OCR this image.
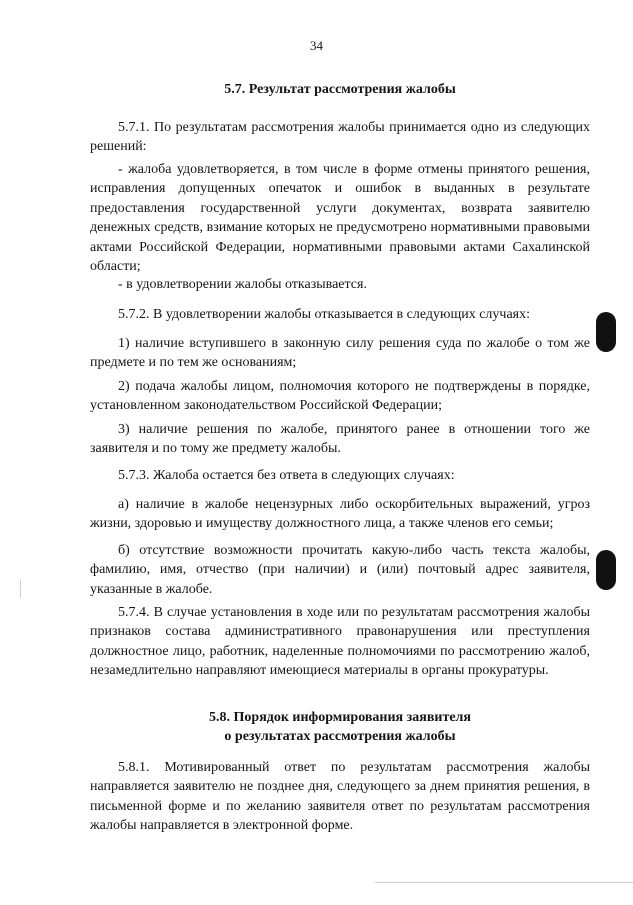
34
5.7. Результат рассмотрения жалобы
5.7.1. По результатам рассмотрения жалобы принимается одно из следующих решений:
- жалоба удовлетворяется, в том числе в форме отмены принятого решения, исправления допущенных опечаток и ошибок в выданных в результате предоставления государственной услуги документах, возврата заявителю денежных средств, взимание которых не предусмотрено нормативными правовыми актами Российской Федерации, нормативными правовыми актами Сахалинской области;
- в удовлетворении жалобы отказывается.
5.7.2. В удовлетворении жалобы отказывается в следующих случаях:
1) наличие вступившего в законную силу решения суда по жалобе о том же предмете и по тем же основаниям;
2) подача жалобы лицом, полномочия которого не подтверждены в порядке, установленном законодательством Российской Федерации;
3) наличие решения по жалобе, принятого ранее в отношении того же заявителя и по тому же предмету жалобы.
5.7.3. Жалоба остается без ответа в следующих случаях:
а) наличие в жалобе нецензурных либо оскорбительных выражений, угроз жизни, здоровью и имуществу должностного лица, а также членов его семьи;
б) отсутствие возможности прочитать какую-либо часть текста жалобы, фамилию, имя, отчество (при наличии) и (или) почтовый адрес заявителя, указанные в жалобе.
5.7.4. В случае установления в ходе или по результатам рассмотрения жалобы признаков состава административного правонарушения или преступления должностное лицо, работник, наделенные полномочиями по рассмотрению жалоб, незамедлительно направляют имеющиеся материалы в органы прокуратуры.
5.8. Порядок информирования заявителя
о результатах рассмотрения жалобы
5.8.1. Мотивированный ответ по результатам рассмотрения жалобы направляется заявителю не позднее дня, следующего за днем принятия решения, в письменной форме и по желанию заявителя ответ по результатам рассмотрения жалобы направляется в электронной форме.
